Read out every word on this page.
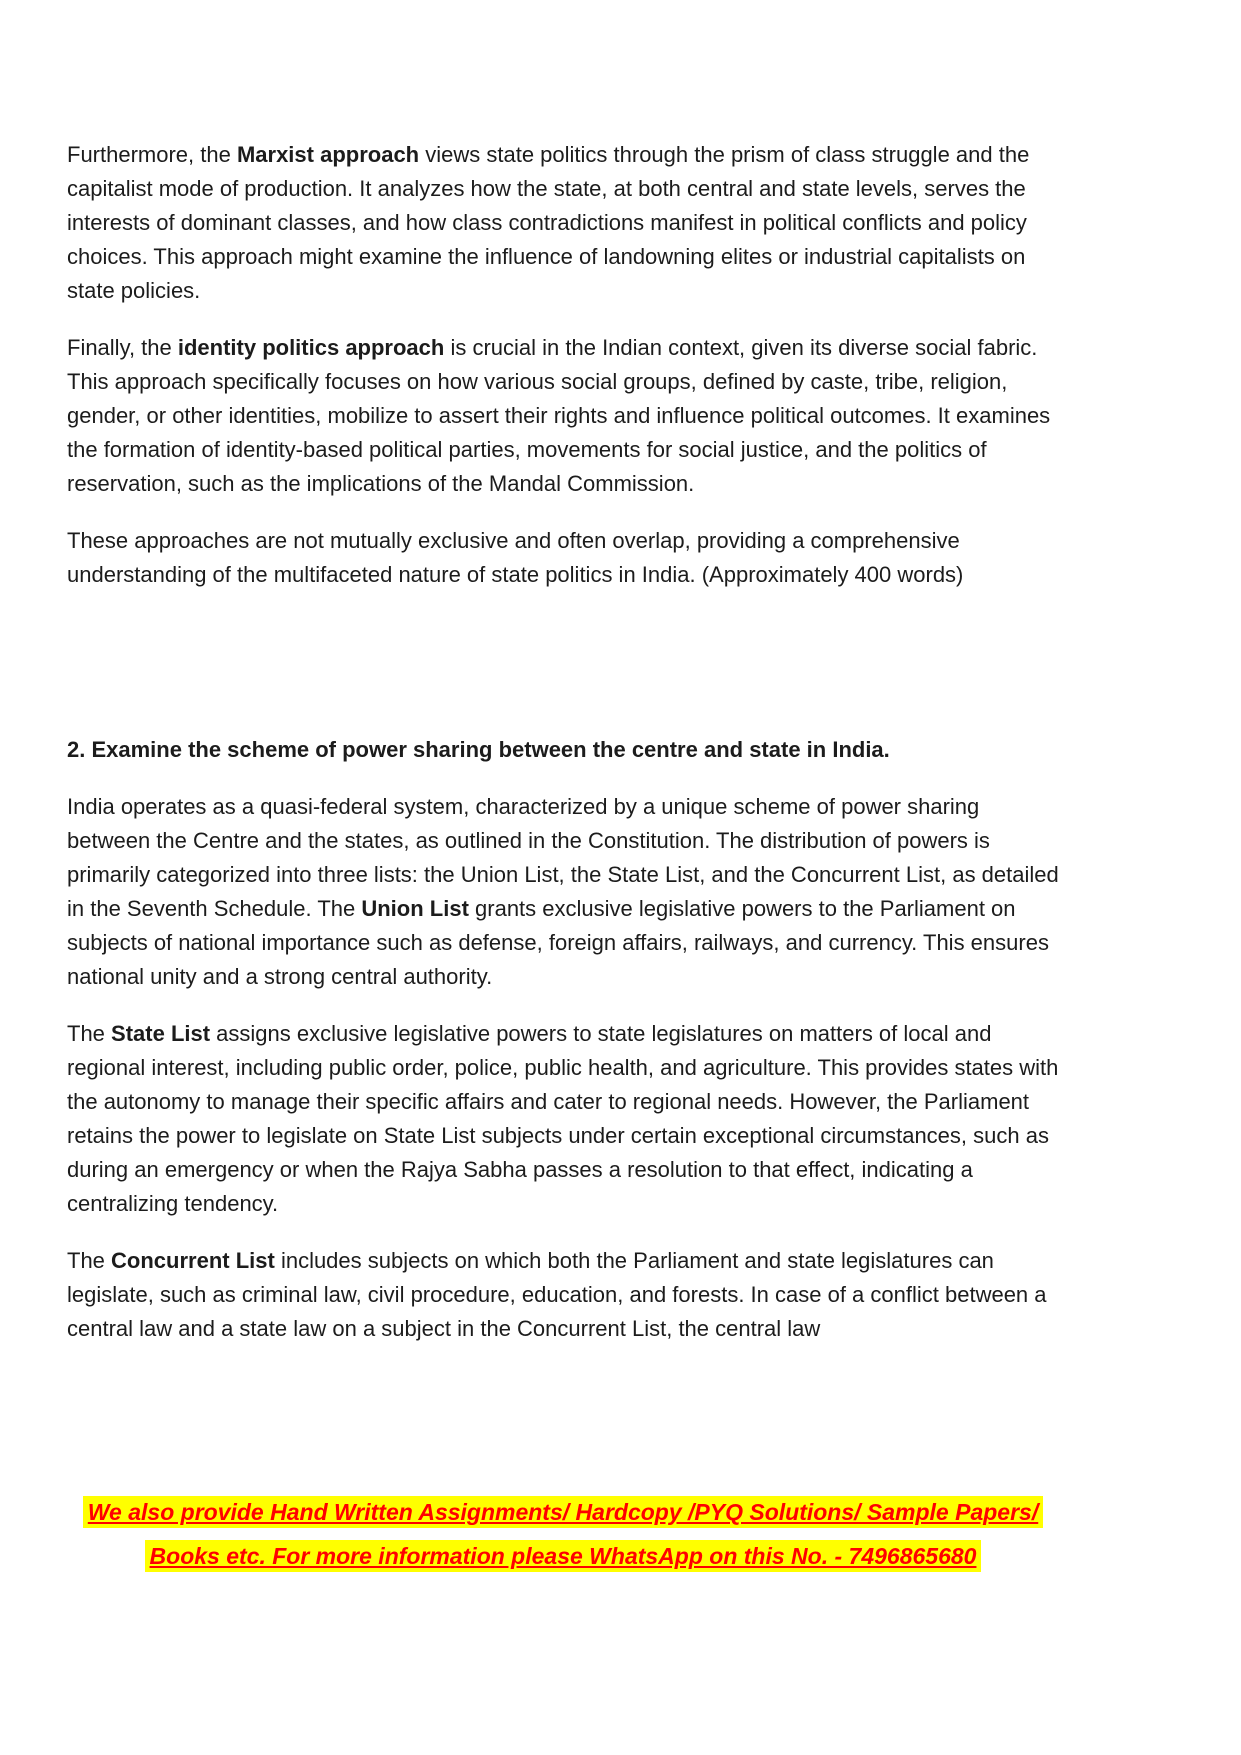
Furthermore, the Marxist approach views state politics through the prism of class struggle and the capitalist mode of production. It analyzes how the state, at both central and state levels, serves the interests of dominant classes, and how class contradictions manifest in political conflicts and policy choices. This approach might examine the influence of landowning elites or industrial capitalists on state policies.

Finally, the identity politics approach is crucial in the Indian context, given its diverse social fabric. This approach specifically focuses on how various social groups, defined by caste, tribe, religion, gender, or other identities, mobilize to assert their rights and influence political outcomes. It examines the formation of identity-based political parties, movements for social justice, and the politics of reservation, such as the implications of the Mandal Commission.

These approaches are not mutually exclusive and often overlap, providing a comprehensive understanding of the multifaceted nature of state politics in India. (Approximately 400 words)

2. Examine the scheme of power sharing between the centre and state in India.

India operates as a quasi-federal system, characterized by a unique scheme of power sharing between the Centre and the states, as outlined in the Constitution. The distribution of powers is primarily categorized into three lists: the Union List, the State List, and the Concurrent List, as detailed in the Seventh Schedule. The Union List grants exclusive legislative powers to the Parliament on subjects of national importance such as defense, foreign affairs, railways, and currency. This ensures national unity and a strong central authority.

The State List assigns exclusive legislative powers to state legislatures on matters of local and regional interest, including public order, police, public health, and agriculture. This provides states with the autonomy to manage their specific affairs and cater to regional needs. However, the Parliament retains the power to legislate on State List subjects under certain exceptional circumstances, such as during an emergency or when the Rajya Sabha passes a resolution to that effect, indicating a centralizing tendency.

The Concurrent List includes subjects on which both the Parliament and state legislatures can legislate, such as criminal law, civil procedure, education, and forests. In case of a conflict between a central law and a state law on a subject in the Concurrent List, the central law

We also provide Hand Written Assignments/ Hardcopy /PYQ Solutions/ Sample Papers/
Books etc. For more information please WhatsApp on this No. - 7496865680
